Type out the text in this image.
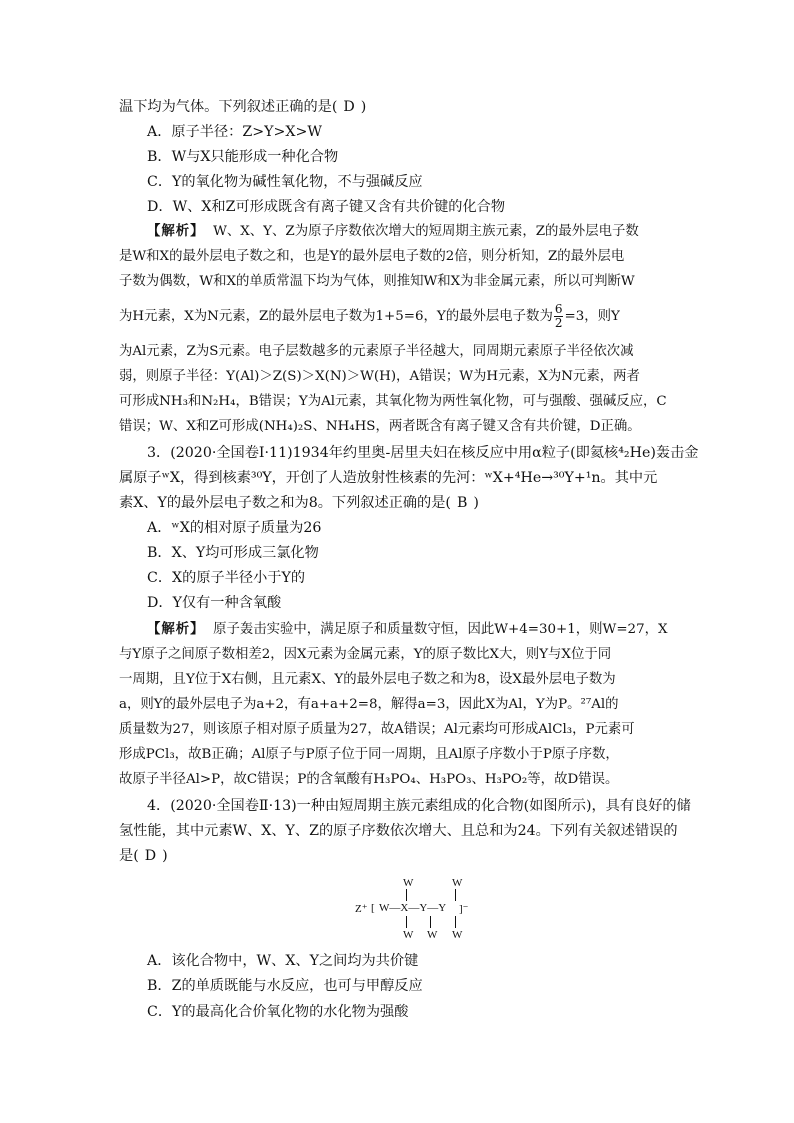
温下均为气体。下列叙述正确的是( D )
A．原子半径：Z>Y>X>W
B．W与X只能形成一种化合物
C．Y的氧化物为碱性氧化物，不与强碱反应
D．W、X和Z可形成既含有离子键又含有共价键的化合物
【解析】 W、X、Y、Z为原子序数依次增大的短周期主族元素，Z的最外层电子数
是W和X的最外层电子数之和，也是Y的最外层电子数的2倍，则分析知，Z的最外层电
子数为偶数，W和X的单质常温下均为气体，则推知W和X为非金属元素，所以可判断W
为H元素，X为N元素，Z的最外层电子数为1+5=6，Y的最外层电子数为 $\frac{6}{2} =3$，则Y
为Al元素，Z为S元素。电子层数越多的元素原子半径越大，同周期元素原子半径依次减
弱，则原子半径：Y(Al)＞Z(S)＞X(N)＞W(H)，A错误；W为H元素，X为N元素，两者
可形成NH₃和N₂H₄，B错误；Y为Al元素，其氧化物为两性氧化物，可与强酸、强碱反应，C
错误；W、X和Z可形成(NH₄)₂S、NH₄HS，两者既含有离子键又含有共价键，D正确。
3．(2020·全国卷Ⅰ·11)1934年约里奥-居里夫妇在核反应中用α粒子(即氦核⁴₂He)轰击金
属原子ʷX，得到核素³⁰Y，开创了人造放射性核素的先河：ʷX+⁴He→³⁰Y+¹n。其中元
素X、Y的最外层电子数之和为8。下列叙述正确的是( B )
A．ʷX的相对原子质量为26
B．X、Y均可形成三氯化物
C．X的原子半径小于Y的
D．Y仅有一种含氧酸
【解析】 原子轰击实验中，满足原子和质量数守恒，因此W+4=30+1，则W=27，X
与Y原子之间原子数相差2，因X元素为金属元素，Y的原子数比X大，则Y与X位于同
一周期，且Y位于X右侧，且元素X、Y的最外层电子数之和为8，设X最外层电子数为
a，则Y的最外层电子为a+2，有a+a+2=8，解得a=3，因此X为Al，Y为P。²⁷Al的
质量数为27，则该原子相对原子质量为27，故A错误；Al元素均可形成AlCl₃，P元素可
形成PCl₃，故B正确；Al原子与P原子位于同一周期，且Al原子序数小于P原子序数，
故原子半径Al>P，故C错误；P的含氧酸有H₃PO₄、H₃PO₃、H₃PO₂等，故D错误。
4．(2020·全国卷Ⅱ·13)一种由短周期主族元素组成的化合物(如图所示)，具有良好的储
氢性能，其中元素W、X、Y、Z的原子序数依次增大、且总和为24。下列有关叙述错误的
是( D )
W	W
Z⁺ [ W—X—Y—Y ]⁻
W W W
A．该化合物中，W、X、Y之间均为共价键
B．Z的单质既能与水反应，也可与甲醇反应
C．Y的最高化合价氧化物的水化物为强酸
